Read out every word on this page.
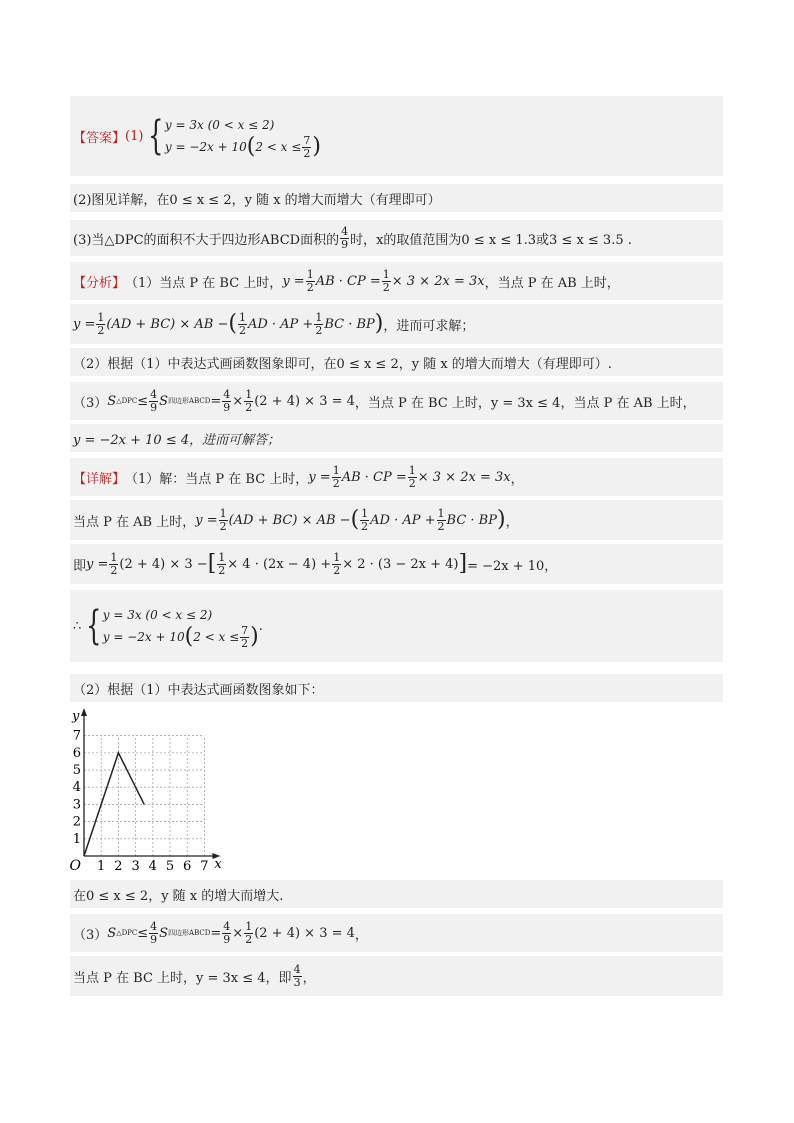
【答案】 (1) { y = 3x (0 < x ≤ 2)
y = −2x + 10 ( $2 < x \le \frac{7}{2}$ )
(2)图见详解，在0 ≤ x ≤ 2，y 随 x 的增大而增大（有理即可）
(3)当△DPC的面积不大于四边形ABCD面积的 $\frac{4}{9}$ 时，x的取值范围为0 ≤ x ≤ 1.3或3 ≤ x ≤ 3.5 .
【分析】 （1）当点 P 在 BC 上时， $y = \frac{1}{2}$ AB · CP = $\frac{1}{2} \times 3 \times 2x = 3x$ ，当点 P 在 AB 上时，
$y = \frac{1}{2} (AD + BC)$ × AB − ( $\frac{1}{2}$ AD · AP + $\frac{1}{2}$ BC · BP ) ，进而可求解；
（2）根据（1）中表达式画函数图象即可，在0 ≤ x ≤ 2，y 随 x 的增大而增大（有理即可）.
（3） S △DPC ≤ $\frac{4}{9}$ S 四边形ABCD = $\frac{4}{9} \times \frac{1}{2} (2 + 4) \times 3 = 4$ ，当点 P 在 BC 上时，y = 3x ≤ 4，当点 P 在 AB 上时，
y = −2x + 10 ≤ 4，进而可解答；
【详解】 （1）解：当点 P 在 BC 上时， $y = \frac{1}{2}$ AB · CP = $\frac{1}{2} \times 3 \times 2x = 3x$ ，
当点 P 在 AB 上时， $y = \frac{1}{2} (AD + BC)$ × AB − ( $\frac{1}{2}$ AD · AP + $\frac{1}{2}$ BC · BP ) ，
即 $y = \frac{1}{2} (2 + 4) \times 3$ − [ $\frac{1}{2} \times 4 \cdot (2x - 4) + \frac{1}{2} \times 2 \cdot (3 - 2x + 4)$ ] = −2x + 10，
∴ { y = 3x (0 < x ≤ 2)
y = −2x + 10 ( $2 < x \le \frac{7}{2}$ ) .
（2）根据（1）中表达式画函数图象如下：
1 2 3 4 5 6 7
1
2
3
4
5
6
7
O	x
y
在0 ≤ x ≤ 2，y 随 x 的增大而增大.
（3） S △DPC ≤ $\frac{4}{9}$ S 四边形ABCD = $\frac{4}{9} \times \frac{1}{2} (2 + 4) \times 3 = 4$ ，
当点 P 在 BC 上时，y = 3x ≤ 4，即 $\frac{4}{3}$ ，
